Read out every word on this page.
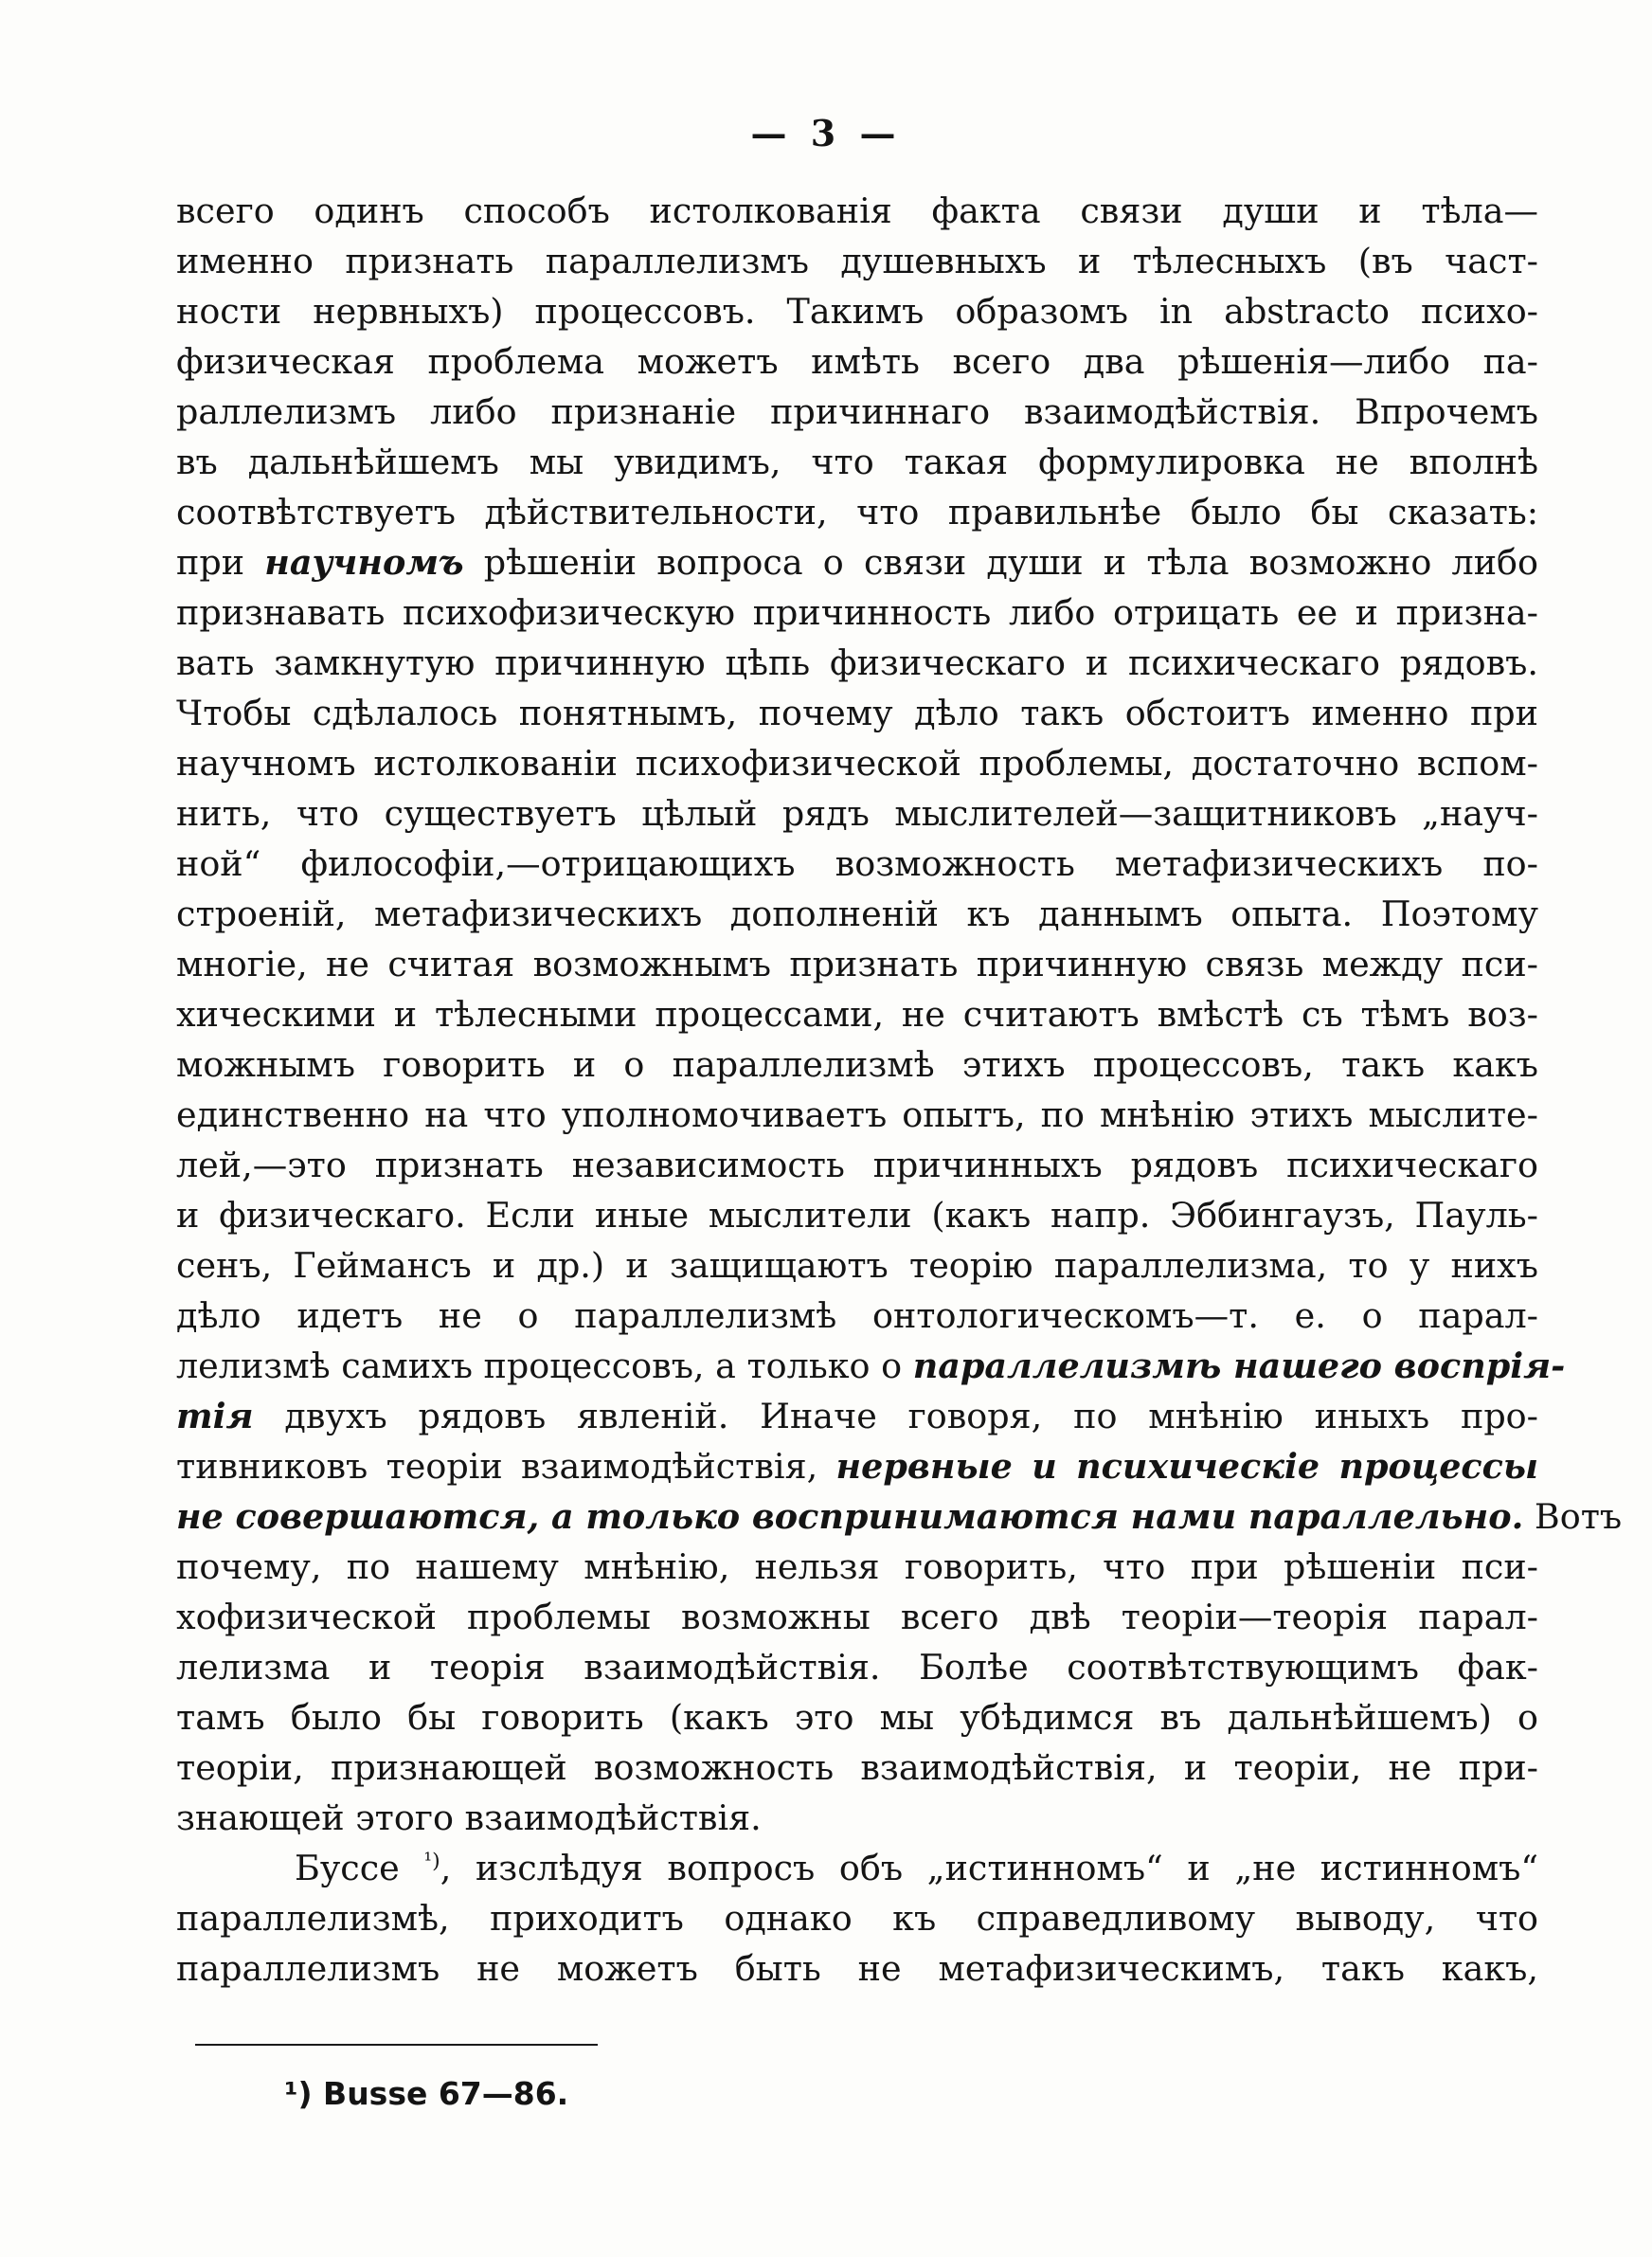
— 3 —
всего одинъ способъ истолкованія факта связи души и тѣла—
именно признать параллелизмъ душевныхъ и тѣлесныхъ (въ част-
ности нервныхъ) процессовъ. Такимъ образомъ in abstracto психо-
физическая проблема можетъ имѣть всего два рѣшенія—либо па-
раллелизмъ либо признаніе причиннаго взаимодѣйствія. Впрочемъ
въ дальнѣйшемъ мы увидимъ, что такая формулировка не вполнѣ
соотвѣтствуетъ дѣйствительности, что правильнѣе было бы сказать:
при научномъ рѣшеніи вопроса о связи души и тѣла возможно либо
признавать психофизическую причинность либо отрицать ее и призна-
вать замкнутую причинную цѣпь физическаго и психическаго рядовъ.
Чтобы сдѣлалось понятнымъ, почему дѣло такъ обстоитъ именно при
научномъ истолкованіи психофизической проблемы, достаточно вспом-
нить, что существуетъ цѣлый рядъ мыслителей—защитниковъ „науч-
ной“ философіи,—отрицающихъ возможность метафизическихъ по-
строеній, метафизическихъ дополненій къ даннымъ опыта. Поэтому
многіе, не считая возможнымъ признать причинную связь между пси-
хическими и тѣлесными процессами, не считаютъ вмѣстѣ съ тѣмъ воз-
можнымъ говорить и о параллелизмѣ этихъ процессовъ, такъ какъ
единственно на что уполномочиваетъ опытъ, по мнѣнію этихъ мыслите-
лей,—это признать независимость причинныхъ рядовъ психическаго
и физическаго. Если иные мыслители (какъ напр. Эббингаузъ, Пауль-
сенъ, Геймансъ и др.) и защищаютъ теорію параллелизма, то у нихъ
дѣло идетъ не о параллелизмѣ онтологическомъ—т. е. о парал-
лелизмѣ самихъ процессовъ, а только о параллелизмѣ нашего воспрія-
тія двухъ рядовъ явленій. Иначе говоря, по мнѣнію иныхъ про-
тивниковъ теоріи взаимодѣйствія, нервные и психическіе процессы
не совершаются, а только воспринимаются нами параллельно. Вотъ
почему, по нашему мнѣнію, нельзя говорить, что при рѣшеніи пси-
хофизической проблемы возможны всего двѣ теоріи—теорія парал-
лелизма и теорія взаимодѣйствія. Болѣе соотвѣтствующимъ фак-
тамъ было бы говорить (какъ это мы убѣдимся въ дальнѣйшемъ) о
теоріи, признающей возможность взаимодѣйствія, и теоріи, не при-
знающей этого взаимодѣйствія.
Буссе $^{^1)}$, изслѣдуя вопросъ объ „истинномъ“ и „не истинномъ“
параллелизмѣ, приходитъ однако къ справедливому выводу, что
параллелизмъ не можетъ быть не метафизическимъ, такъ какъ,
¹) Busse 67—86.
